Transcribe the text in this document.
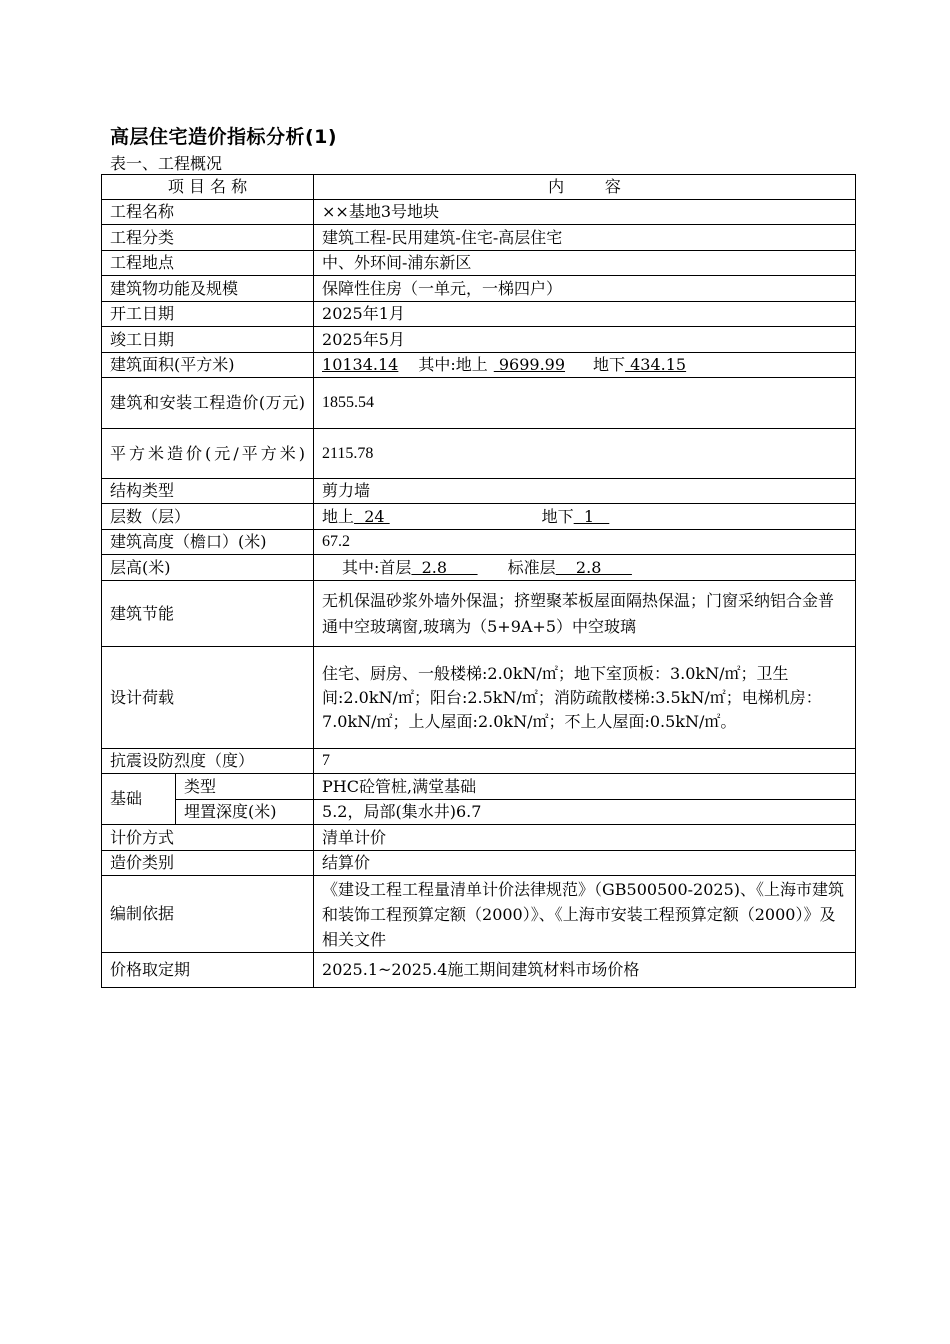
高层住宅造价指标分析(1)
表一、工程概况
项 目 名 称		内        容
工程名称		××基地3号地块
工程分类		建筑工程-民用建筑-住宅-高层住宅
工程地点		中、外环间-浦东新区
建筑物功能及规模		保障性住房（一单元，一梯四户）
开工日期		2025年1月
竣工日期		2025年5月
建筑面积(平方米)		10134.14 其中:地上 9699.99 地下 434.15
建筑和安装工程造价(万元)		1855.54
平方米造价(元/平方米)		2115.78
结构类型		剪力墙
层数（层）		地上  24 地下  1
建筑高度（檐口）(米)		67.2
层高(米)		其中:首层  2.8      标准层    2.8
建筑节能		无机保温砂浆外墙外保温；挤塑聚苯板屋面隔热保温；门窗采纳铝合金普通中空玻璃窗,玻璃为（5+9A+5）中空玻璃
设计荷载		住宅、厨房、一般楼梯:2.0kN/㎡；地下室顶板：3.0kN/㎡；卫生间:2.0kN/㎡；阳台:2.5kN/㎡；消防疏散楼梯:3.5kN/㎡；电梯机房：7.0kN/㎡；上人屋面:2.0kN/㎡；不上人屋面:0.5kN/㎡。
抗震设防烈度（度）		7
基础	类型	PHC砼管桩,满堂基础
	埋置深度(米)	5.2，局部(集水井)6.7
计价方式		清单计价
造价类别		结算价
编制依据		《建设工程工程量清单计价法律规范》（GB500500-2025)、《上海市建筑和装饰工程预算定额（2000）》、《上海市安装工程预算定额（2000）》及相关文件
价格取定期		2025.1~2025.4施工期间建筑材料市场价格
